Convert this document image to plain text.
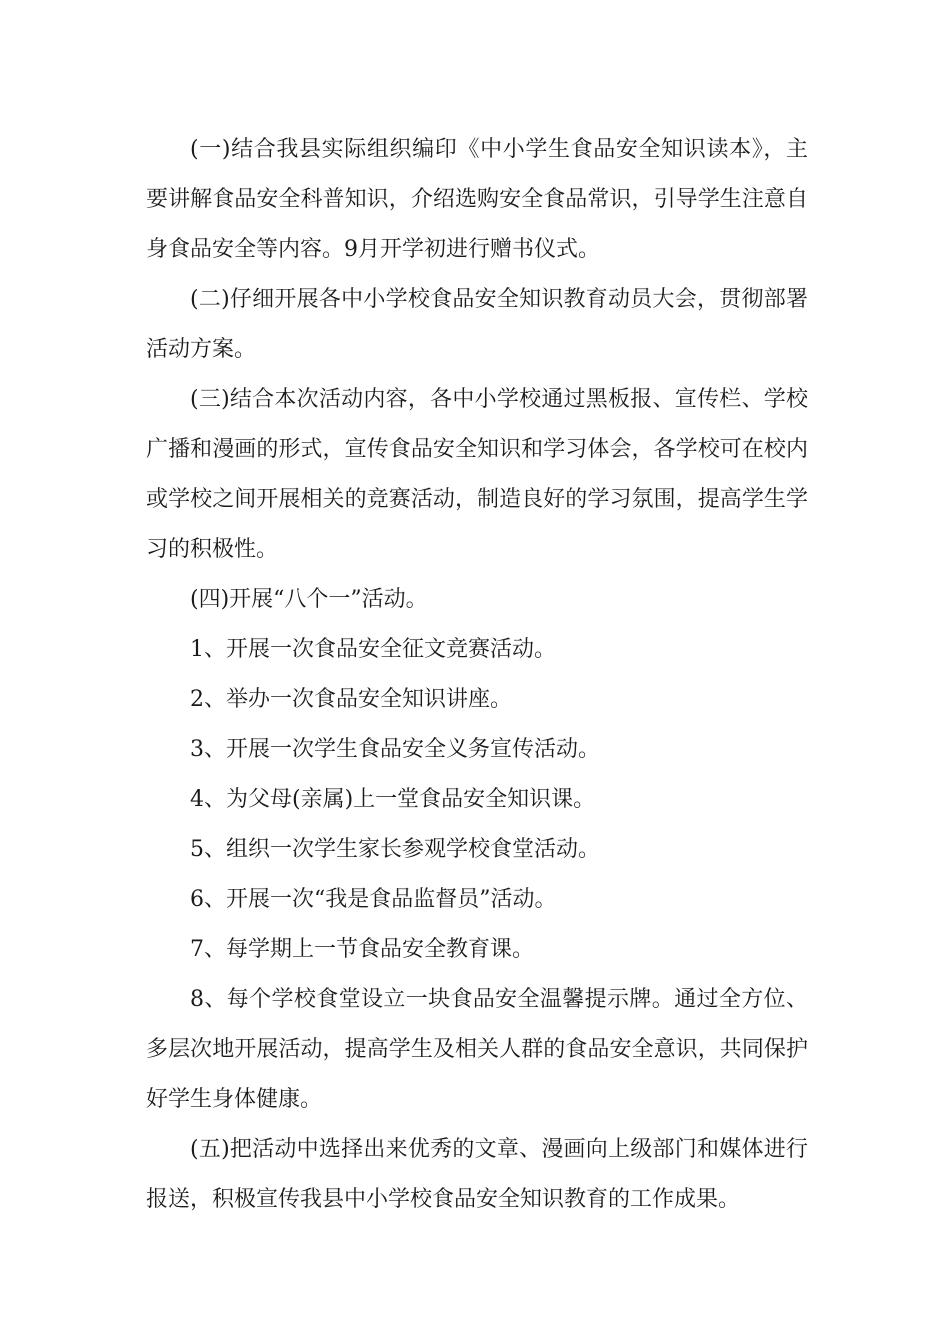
(一)结合我县实际组织编印《中小学生食品安全知识读本》，主要讲解食品安全科普知识，介绍选购安全食品常识，引导学生注意自身食品安全等内容。9月开学初进行赠书仪式。

(二)仔细开展各中小学校食品安全知识教育动员大会，贯彻部署活动方案。

(三)结合本次活动内容，各中小学校通过黑板报、宣传栏、学校广播和漫画的形式，宣传食品安全知识和学习体会，各学校可在校内或学校之间开展相关的竞赛活动，制造良好的学习氛围，提高学生学习的积极性。

(四)开展“八个一”活动。

1、开展一次食品安全征文竞赛活动。

2、举办一次食品安全知识讲座。

3、开展一次学生食品安全义务宣传活动。

4、为父母(亲属)上一堂食品安全知识课。

5、组织一次学生家长参观学校食堂活动。

6、开展一次“我是食品监督员”活动。

7、每学期上一节食品安全教育课。

8、每个学校食堂设立一块食品安全温馨提示牌。通过全方位、多层次地开展活动，提高学生及相关人群的食品安全意识，共同保护好学生身体健康。

(五)把活动中选择出来优秀的文章、漫画向上级部门和媒体进行报送，积极宣传我县中小学校食品安全知识教育的工作成果。
